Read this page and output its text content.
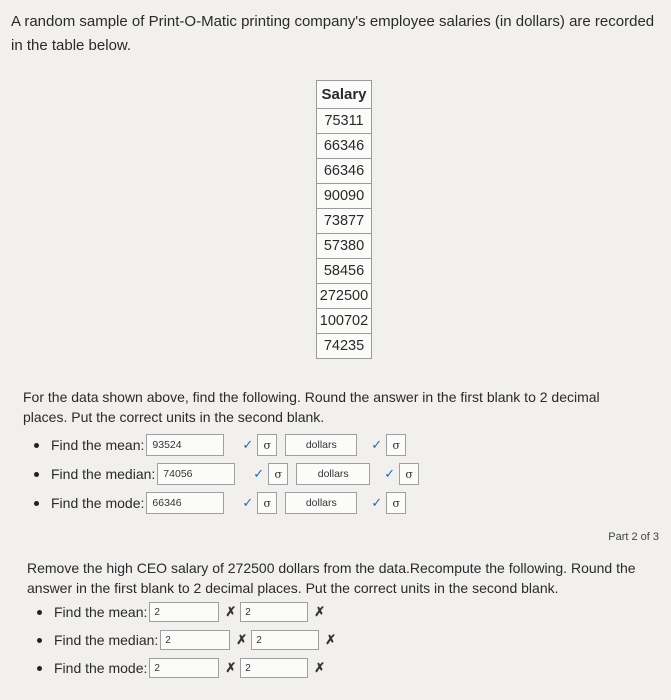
A random sample of Print-O-Matic printing company's employee salaries (in dollars) are recorded in the table below.
Salary
75311
66346
66346
90090
73877
57380
58456
272500
100702
74235
For the data shown above, find the following. Round the answer in the first blank to 2 decimal places. Put the correct units in the second blank.
Find the mean: 93524	✓ σ	dollars	✓ σ
Find the median: 74056	✓ σ	dollars	✓ σ
Find the mode: 66346	✓ σ	dollars	✓ σ
Part 2 of 3
Remove the high CEO salary of 272500 dollars from the data.Recompute the following. Round the answer in the first blank to 2 decimal places. Put the correct units in the second blank.
Find the mean: 2	✗ 2	✗
Find the median: 2	✗ 2	✗
Find the mode: 2	✗ 2	✗
